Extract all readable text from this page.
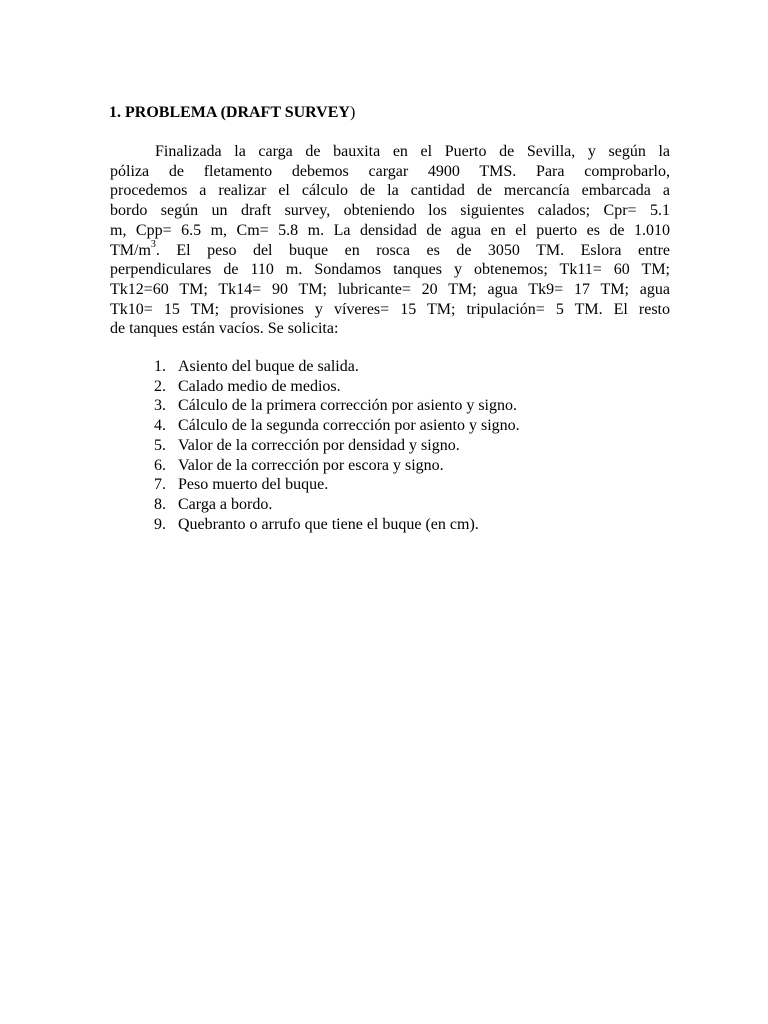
1. PROBLEMA (DRAFT SURVEY)
Finalizada la carga de bauxita en el Puerto de Sevilla, y según la
póliza de fletamento debemos cargar 4900 TMS. Para comprobarlo,
procedemos a realizar el cálculo de la cantidad de mercancía embarcada a
bordo según un draft survey, obteniendo los siguientes calados; Cpr= 5.1
m, Cpp= 6.5 m, Cm= 5.8 m. La densidad de agua en el puerto es de 1.010
$TM/m^3$. El peso del buque en rosca es de 3050 TM. Eslora entre
perpendiculares de 110 m. Sondamos tanques y obtenemos; Tk11= 60 TM;
Tk12=60 TM; Tk14= 90 TM; lubricante= 20 TM; agua Tk9= 17 TM; agua
Tk10= 15 TM; provisiones y víveres= 15 TM; tripulación= 5 TM. El resto
de tanques están vacíos. Se solicita:
1. Asiento del buque de salida.
2. Calado medio de medios.
3. Cálculo de la primera corrección por asiento y signo.
4. Cálculo de la segunda corrección por asiento y signo.
5. Valor de la corrección por densidad y signo.
6. Valor de la corrección por escora y signo.
7. Peso muerto del buque.
8. Carga a bordo.
9. Quebranto o arrufo que tiene el buque (en cm).
